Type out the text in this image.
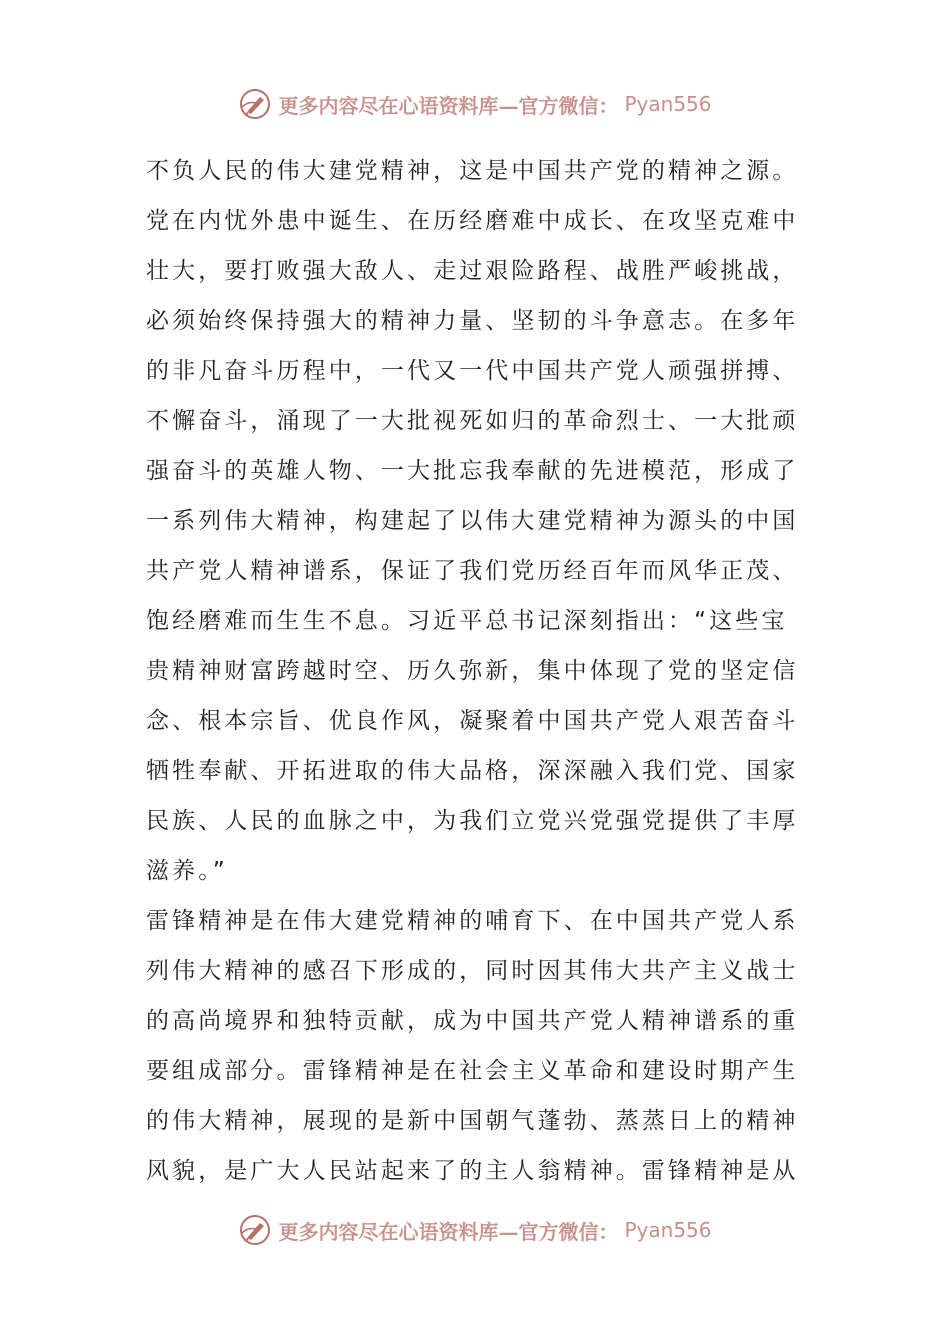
更多内容尽在心语资料库—官方微信： Pyan556
不负人民的伟大建党精神，这是中国共产党的精神之源。
党在内忧外患中诞生、在历经磨难中成长、在攻坚克难中
壮大，要打败强大敌人、走过艰险路程、战胜严峻挑战，
必须始终保持强大的精神力量、坚韧的斗争意志。在多年
的非凡奋斗历程中，一代又一代中国共产党人顽强拼搏、
不懈奋斗，涌现了一大批视死如归的革命烈士、一大批顽
强奋斗的英雄人物、一大批忘我奉献的先进模范，形成了
一系列伟大精神，构建起了以伟大建党精神为源头的中国
共产党人精神谱系，保证了我们党历经百年而风华正茂、
饱经磨难而生生不息。习近平总书记深刻指出：“这些宝
贵精神财富跨越时空、历久弥新，集中体现了党的坚定信
念、根本宗旨、优良作风，凝聚着中国共产党人艰苦奋斗
牺牲奉献、开拓进取的伟大品格，深深融入我们党、国家
民族、人民的血脉之中，为我们立党兴党强党提供了丰厚
滋养。”
雷锋精神是在伟大建党精神的哺育下、在中国共产党人系
列伟大精神的感召下形成的，同时因其伟大共产主义战士
的高尚境界和独特贡献，成为中国共产党人精神谱系的重
要组成部分。雷锋精神是在社会主义革命和建设时期产生
的伟大精神，展现的是新中国朝气蓬勃、蒸蒸日上的精神
风貌，是广大人民站起来了的主人翁精神。雷锋精神是从
更多内容尽在心语资料库—官方微信： Pyan556
